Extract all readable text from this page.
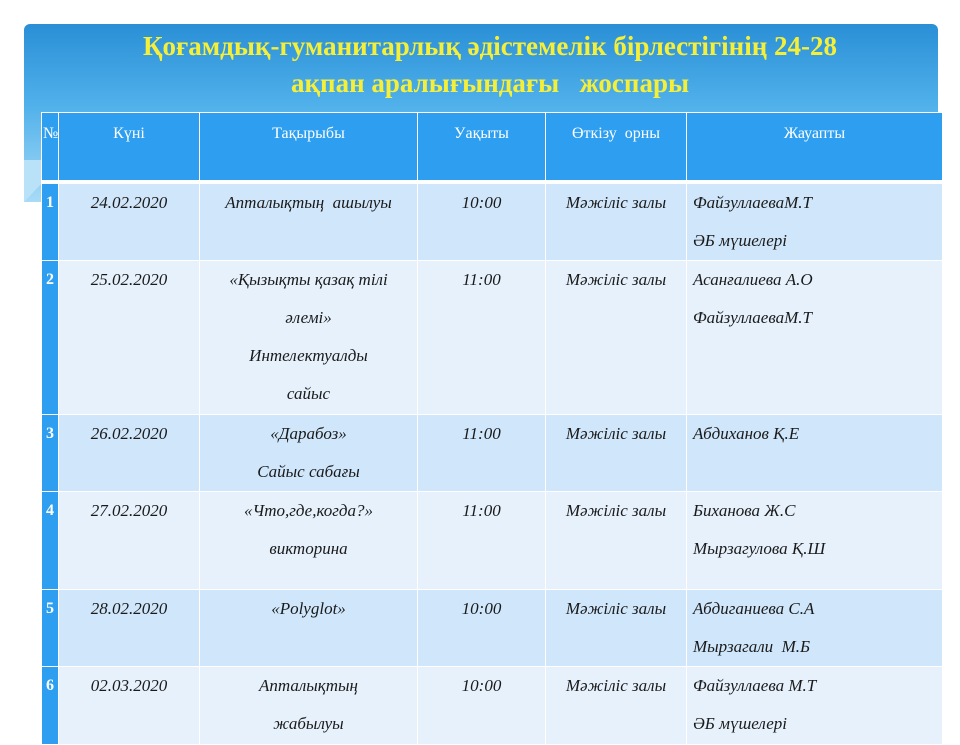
Қоғамдық-гуманитарлық әдістемелік бірлестігінің 24-28
ақпан аралығындағы   жоспары
№	Күні	Тақырыбы	Уақыты	Өткізу  орны	Жауапты
1	24.02.2020	Апталықтың  ашылуы	10:00	Мәжіліс залы	ФайзуллаеваМ.Т
ӘБ мүшелері

2	25.02.2020	«Қызықты қазақ тілі
әлемі»
Интелектуалды
сайыс	11:00	Мәжіліс залы	Асанғалиева А.О
ФайзуллаеваМ.Т

3	26.02.2020	«Дарабоз»
Сайыс сабағы	11:00	Мәжіліс залы	Абдиханов Қ.Е

4	27.02.2020	«Что,где,когда?»
викторина	11:00	Мәжіліс залы	Биханова Ж.С
Мырзагулова Қ.Ш

5	28.02.2020	«Polyglot»	10:00	Мәжіліс залы	Абдиганиева С.А
Мырзагали  М.Б

6	02.03.2020	Апталықтың
жабылуы	10:00	Мәжіліс залы	Файзуллаева М.Т
ӘБ мүшелері
